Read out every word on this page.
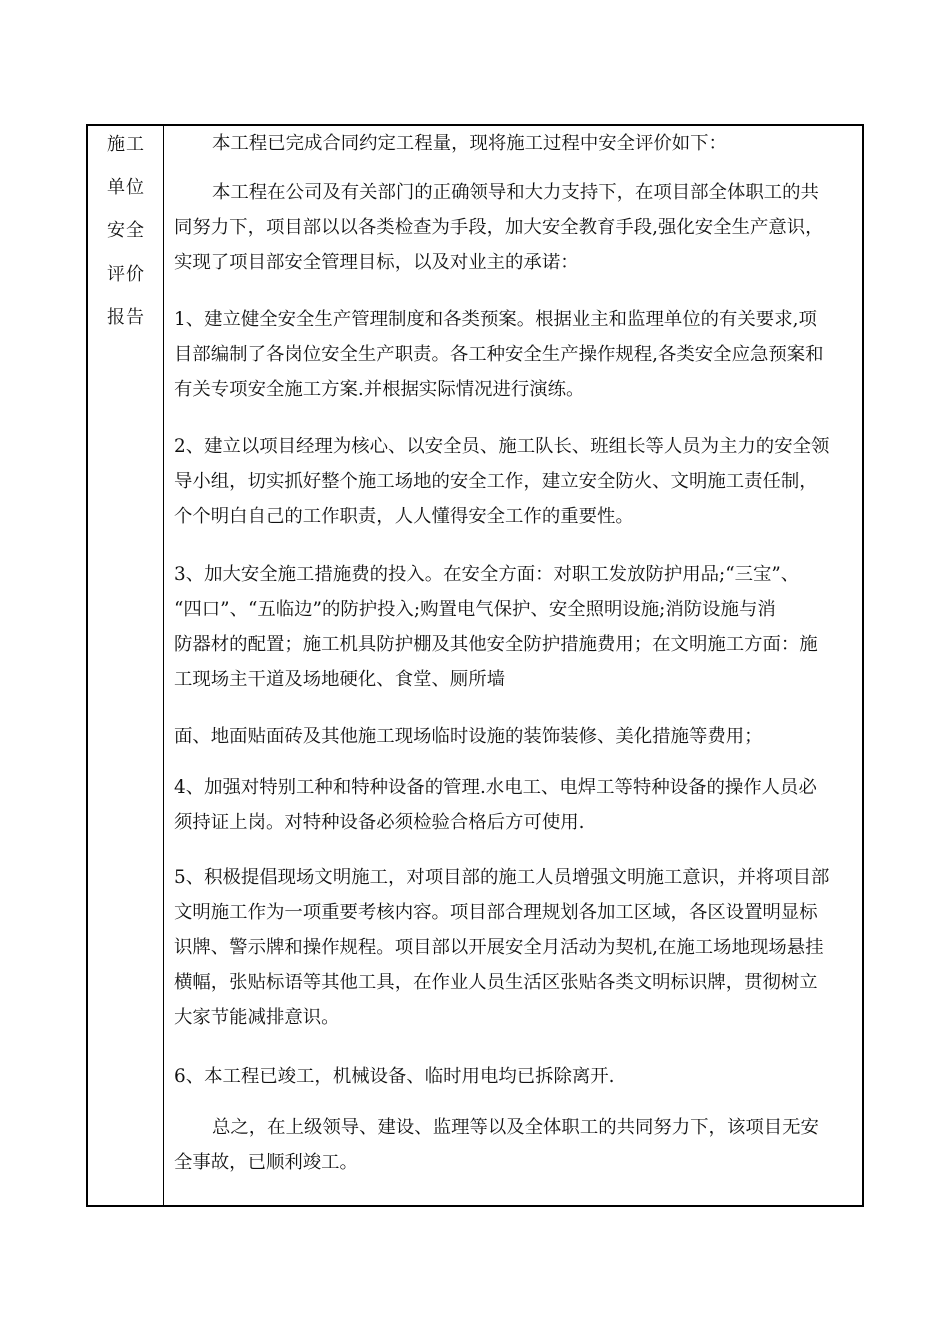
施工
单位
安全
评价
报告
本工程已完成合同约定工程量，现将施工过程中安全评价如下：
本工程在公司及有关部门的正确领导和大力支持下，在项目部全体职工的共
同努力下，项目部以以各类检查为手段，加大安全教育手段,强化安全生产意识，
实现了项目部安全管理目标，以及对业主的承诺：
1、建立健全安全生产管理制度和各类预案。根据业主和监理单位的有关要求,项
目部编制了各岗位安全生产职责。各工种安全生产操作规程,各类安全应急预案和
有关专项安全施工方案.并根据实际情况进行演练。
2、建立以项目经理为核心、以安全员、施工队长、班组长等人员为主力的安全领
导小组，切实抓好整个施工场地的安全工作，建立安全防火、文明施工责任制，
个个明白自己的工作职责，人人懂得安全工作的重要性。
3、加大安全施工措施费的投入。在安全方面：对职工发放防护用品;“三宝”、
“四口”、“五临边”的防护投入;购置电气保护、安全照明设施;消防设施与消
防器材的配置；施工机具防护棚及其他安全防护措施费用；在文明施工方面：施
工现场主干道及场地硬化、食堂、厕所墙
面、地面贴面砖及其他施工现场临时设施的装饰装修、美化措施等费用；
4、加强对特别工种和特种设备的管理.水电工、电焊工等特种设备的操作人员必
须持证上岗。对特种设备必须检验合格后方可使用.
5、积极提倡现场文明施工，对项目部的施工人员增强文明施工意识，并将项目部
文明施工作为一项重要考核内容。项目部合理规划各加工区域，各区设置明显标
识牌、警示牌和操作规程。项目部以开展安全月活动为契机,在施工场地现场悬挂
横幅，张贴标语等其他工具，在作业人员生活区张贴各类文明标识牌，贯彻树立
大家节能减排意识。
6、本工程已竣工，机械设备、临时用电均已拆除离开.
总之，在上级领导、建设、监理等以及全体职工的共同努力下，该项目无安
全事故，已顺利竣工。
